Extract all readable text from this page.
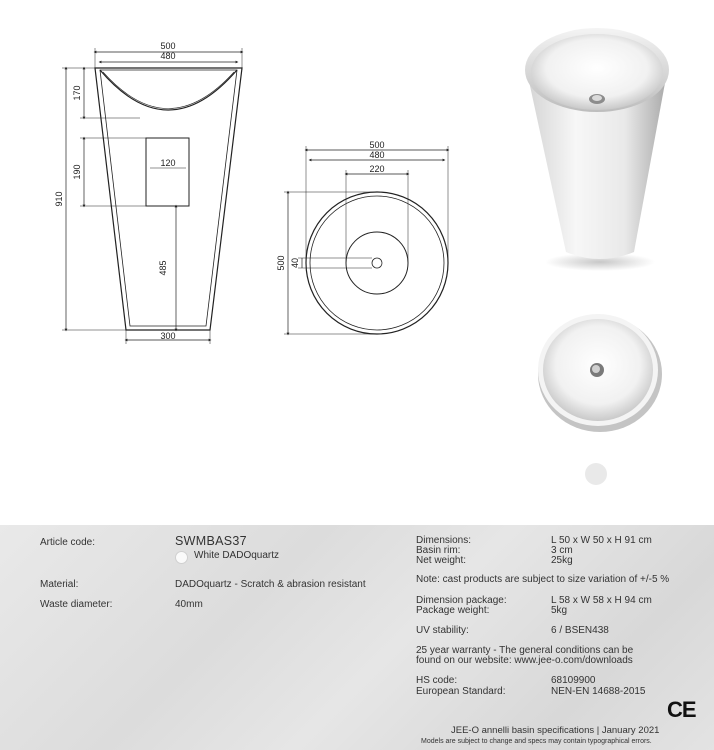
500
480
170
910
190
120
485
300
500
480
220
500 40
Article code:	SWMBAS37
White DADOquartz
Material:	DADOquartz - Scratch & abrasion resistant
Waste diameter:	40mm
Dimensions:	L 50 x W 50 x H 91 cm
Basin rim:	3 cm
Net weight:	25kg
Note: cast products are subject to size variation of +/-5 %
Dimension package:	L 58 x W 58 x H 94 cm
Package weight:	5kg
UV stability:	6 / BSEN438
25 year warranty - The general conditions can be
found on our website: www.jee-o.com/downloads
HS code:	68109900
European Standard:	NEN-EN 14688-2015
CE
JEE-O annelli basin specifications | January 2021
Models are subject to change and specs may contain typographical errors.
